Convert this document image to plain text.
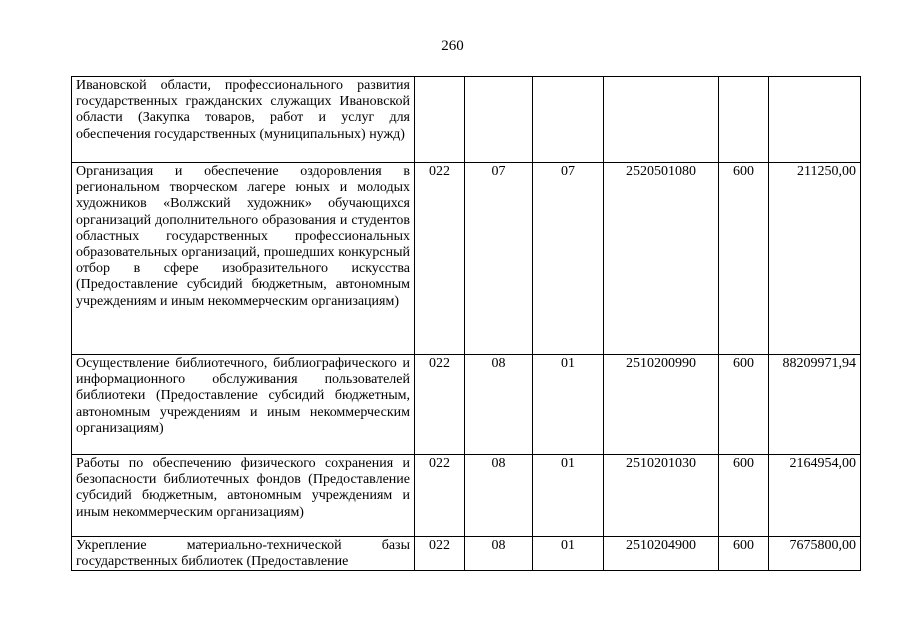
260
Ивановской области, профессионального развития государственных гражданских служащих Ивановской области (Закупка товаров, работ и услуг для обеспечения государственных (муниципальных) нужд)						
Организация и обеспечение оздоровления в региональном творческом лагере юных и молодых художников «Волжский художник» обучающихся организаций дополнительного образования и студентов областных государственных профессиональных образовательных организаций, прошедших конкурсный отбор в сфере изобразительного искусства (Предоставление субсидий бюджетным, автономным учреждениям и иным некоммерческим организациям)	022	07	07	2520501080	600	211250,00
Осуществление библиотечного, библиографического и информационного обслуживания пользователей библиотеки (Предоставление субсидий бюджетным, автономным учреждениям и иным некоммерческим организациям)	022	08	01	2510200990	600	88209971,94
Работы по обеспечению физического сохранения и безопасности библиотечных фондов (Предоставление субсидий бюджетным, автономным учреждениям и иным некоммерческим организациям)	022	08	01	2510201030	600	2164954,00
Укрепление материально-технической базы государственных библиотек (Предоставление	022	08	01	2510204900	600	7675800,00
